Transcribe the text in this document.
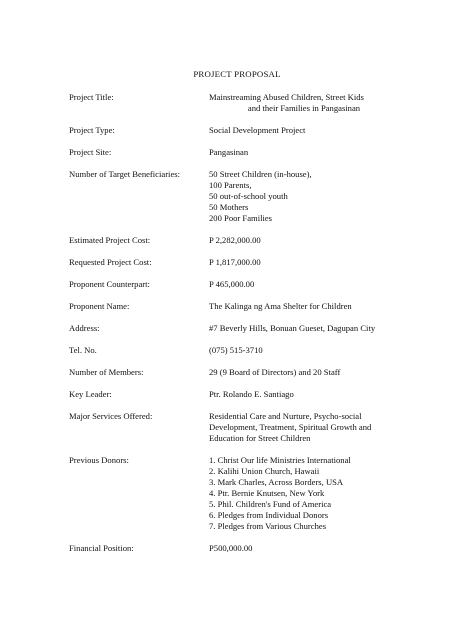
PROJECT PROPOSAL
Project Title:	Mainstreaming Abused Children, Street Kids
and their Families in Pangasinan
Project Type:	Social Development Project
Project Site:	Pangasinan
Number of Target Beneficiaries:	50 Street Children (in-house),
100 Parents,
50 out-of-school youth
50 Mothers
200 Poor Families
Estimated Project Cost:	P 2,282,000.00
Requested Project Cost:	P 1,817,000.00
Proponent Counterpart:	P 465,000.00
Proponent Name:	The Kalinga ng Ama Shelter for Children
Address:	#7 Beverly Hills, Bonuan Gueset, Dagupan City
Tel. No.	(075) 515-3710
Number of Members:	29 (9 Board of Directors) and 20 Staff
Key Leader:	Ptr. Rolando E. Santiago
Major Services Offered:	Residential Care and Nurture, Psycho-social
Development, Treatment, Spiritual Growth and
Education for Street Children
Previous Donors:	1. Christ Our life Ministries International
2. Kalihi Union Church, Hawaii
3. Mark Charles, Across Borders, USA
4. Ptr. Bernie Knutsen, New York
5. Phil. Children's Fund of America
6. Pledges from Individual Donors
7. Pledges from Various Churches
Financial Position:	P500,000.00
